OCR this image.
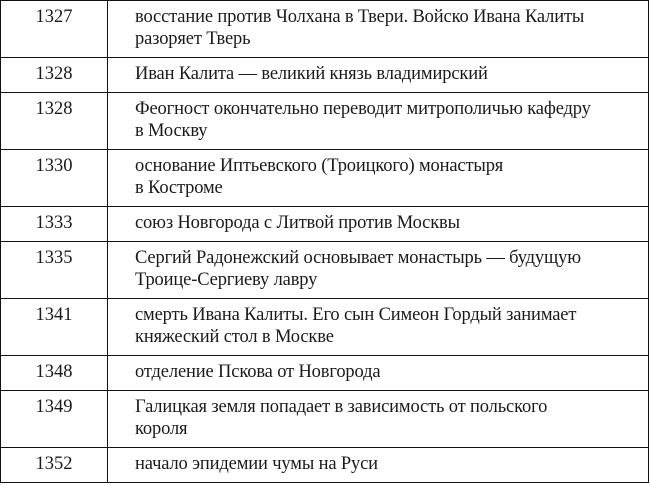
1327	восстание против Чолхана в Твери. Войско Ивана Калиты
разоряет Тверь

1328	Иван Калита — великий князь владимирский

1328	Феогност окончательно переводит митрополичью кафедру
в Москву

1330	основание Иптьевского (Троицкого) монастыря
в Костроме

1333	союз Новгорода с Литвой против Москвы

1335	Сергий Радонежский основывает монастырь — будущую
Троице-Сергиеву лавру

1341	смерть Ивана Калиты. Его сын Симеон Гордый занимает
княжеский стол в Москве

1348	отделение Пскова от Новгорода

1349	Галицкая земля попадает в зависимость от польского
короля

1352	начало эпидемии чумы на Руси
